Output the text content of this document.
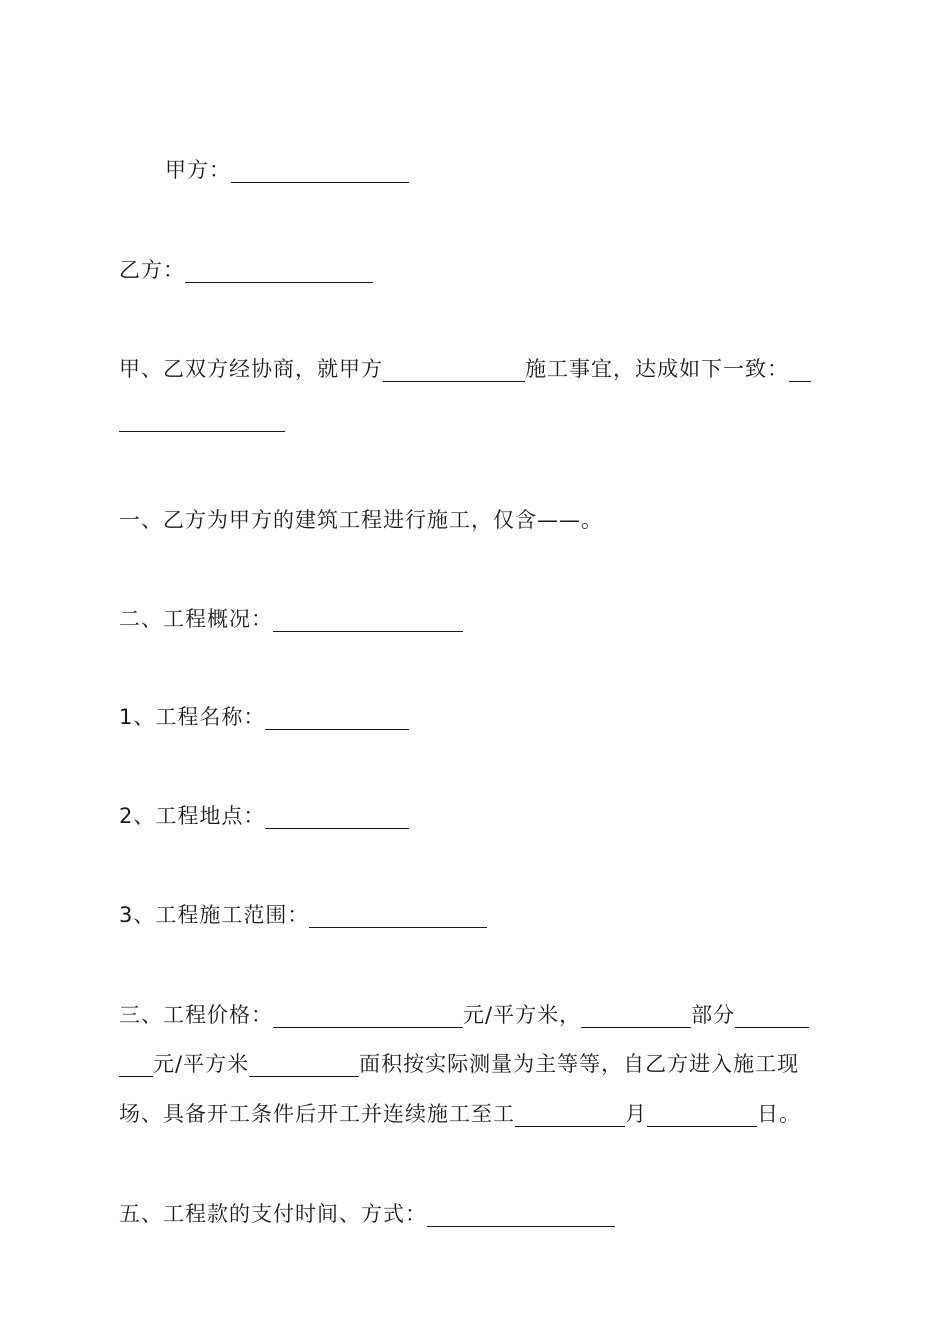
甲方：
乙方：
甲、乙双方经协商，就甲方	施工事宜，达成如下一致：
一、乙方为甲方的建筑工程进行施工，仅含——。
二、工程概况：
1、工程名称：
2、工程地点：
3、工程施工范围：
三、工程价格：	元/平方米，	部分
元/平方米	面积按实际测量为主等等，自乙方进入施工现
场、具备开工条件后开工并连续施工至工	月	日。
五、工程款的支付时间、方式：
